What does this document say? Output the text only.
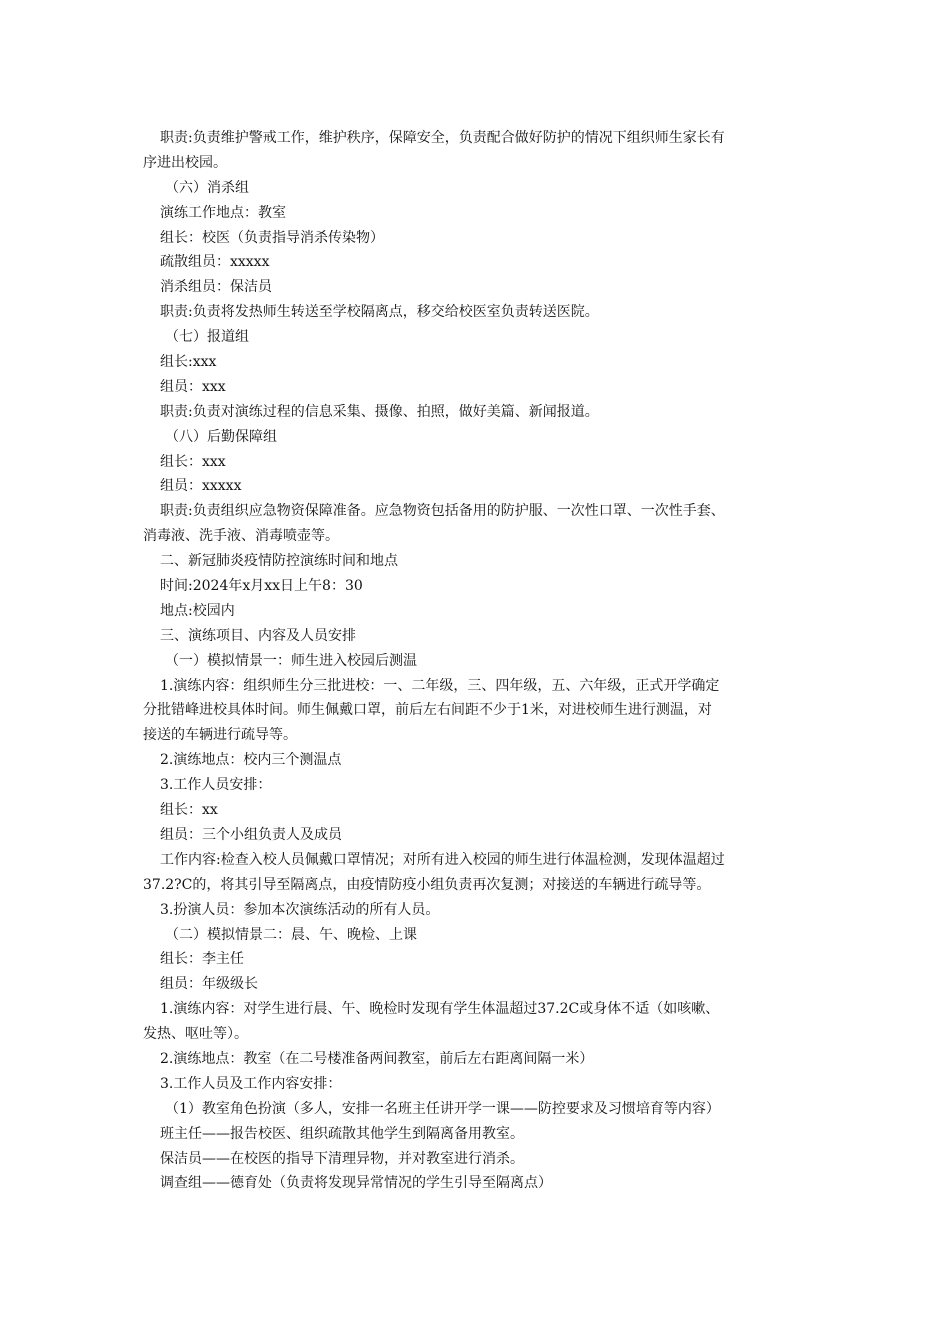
职责:负责维护警戒工作，维护秩序，保障安全，负责配合做好防护的情况下组织师生家长有

序进出校园。

（六）消杀组

演练工作地点：教室

组长：校医（负责指导消杀传染物）

疏散组员：xxxxx

消杀组员：保洁员

职责:负责将发热师生转送至学校隔离点，移交给校医室负责转送医院。

（七）报道组

组长:xxx

组员：xxx

职责:负责对演练过程的信息采集、摄像、拍照，做好美篇、新闻报道。

（八）后勤保障组

组长：xxx

组员：xxxxx

职责:负责组织应急物资保障准备。应急物资包括备用的防护服、一次性口罩、一次性手套、

消毒液、洗手液、消毒喷壶等。

二、新冠肺炎疫情防控演练时间和地点

时间:2024年x月xx日上午8：30

地点:校园内

三、演练项目、内容及人员安排

（一）模拟情景一：师生进入校园后测温

1.演练内容：组织师生分三批进校：一、二年级，三、四年级，五、六年级，正式开学确定

分批错峰进校具体时间。师生佩戴口罩，前后左右间距不少于1米，对进校师生进行测温，对

接送的车辆进行疏导等。

2.演练地点：校内三个测温点

3.工作人员安排：

组长：xx

组员：三个小组负责人及成员

工作内容:检查入校人员佩戴口罩情况；对所有进入校园的师生进行体温检测，发现体温超过

37.2?C的，将其引导至隔离点，由疫情防疫小组负责再次复测；对接送的车辆进行疏导等。

3.扮演人员：参加本次演练活动的所有人员。

（二）模拟情景二：晨、午、晚检、上课

组长：李主任

组员：年级级长

1.演练内容：对学生进行晨、午、晚检时发现有学生体温超过37.2C或身体不适（如咳嗽、

发热、呕吐等）。

2.演练地点：教室（在二号楼准备两间教室，前后左右距离间隔一米）

3.工作人员及工作内容安排：

（1）教室角色扮演（多人，安排一名班主任讲开学一课——防控要求及习惯培育等内容）

班主任——报告校医、组织疏散其他学生到隔离备用教室。

保洁员——在校医的指导下清理异物，并对教室进行消杀。

调查组——德育处（负责将发现异常情况的学生引导至隔离点）
